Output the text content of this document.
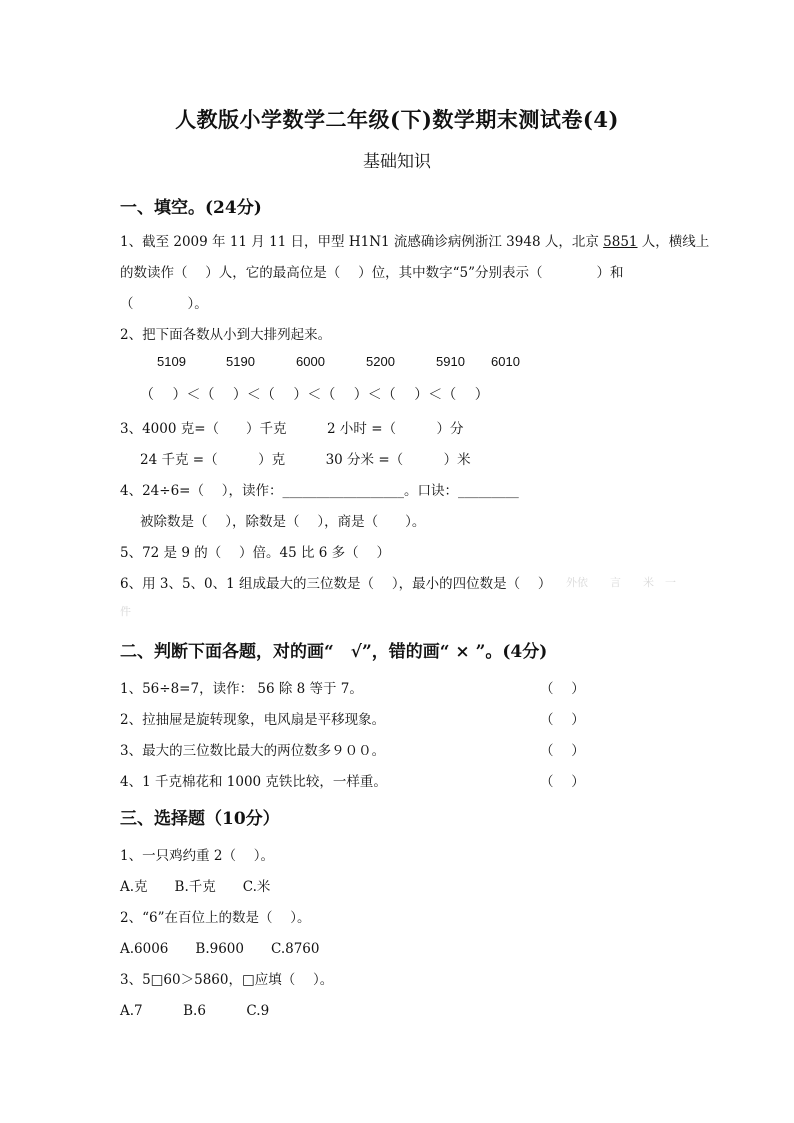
人教版小学数学二年级(下)数学期末测试卷(4)
基础知识
一、填空。(24分)
1、截至 2009 年 11 月 11 日，甲型 H1N1 流感确诊病例浙江 3948 人，北京 5851 人，横线上
的数读作（　 ）人，它的最高位是（　 ）位，其中数字“5”分别表示（　　　　）和
（　　　　）。
2、把下面各数从小到大排列起来。
5109	5190	6000	5200	5910 6010
（　 ）＜（　 ）＜（　 ）＜（　 ）＜（　 ）＜（　 ）
3、4000 克=（　　）千克　　　2 小时 =（　　　）分
24 千克 =（　　　）克　　　30 分米 =（　　　）米
4、24÷6=（　 ），读作：__________________。口诀：_________
被除数是（　 ），除数是（　 ），商是（　　）。
5、72 是 9 的（　 ）倍。45 比 6 多（　 ）
6、用 3、5、0、1 组成最大的三位数是（　 ），最小的四位数是（　 ） 外依　　言　　米　一
件
二、判断下面各题，对的画“　√”，错的画“ × ”。(4分)
1、56÷8=7，读作： 56 除 8 等于 7。	（　 ）
2、拉抽屉是旋转现象，电风扇是平移现象。	（　 ）
3、最大的三位数比最大的两位数多９００。	（　 ）
4、1 千克棉花和 1000 克铁比较，一样重。	（　 ）
三、选择题（10分）
1、一只鸡约重 2（　 ）。
A.克　　B.千克　　C.米
2、“6”在百位上的数是（　 ）。
A.6006　　B.9600　　C.8760
3、5□60＞5860，□应填（　 ）。
A.7　　　B.6　　　C.9
